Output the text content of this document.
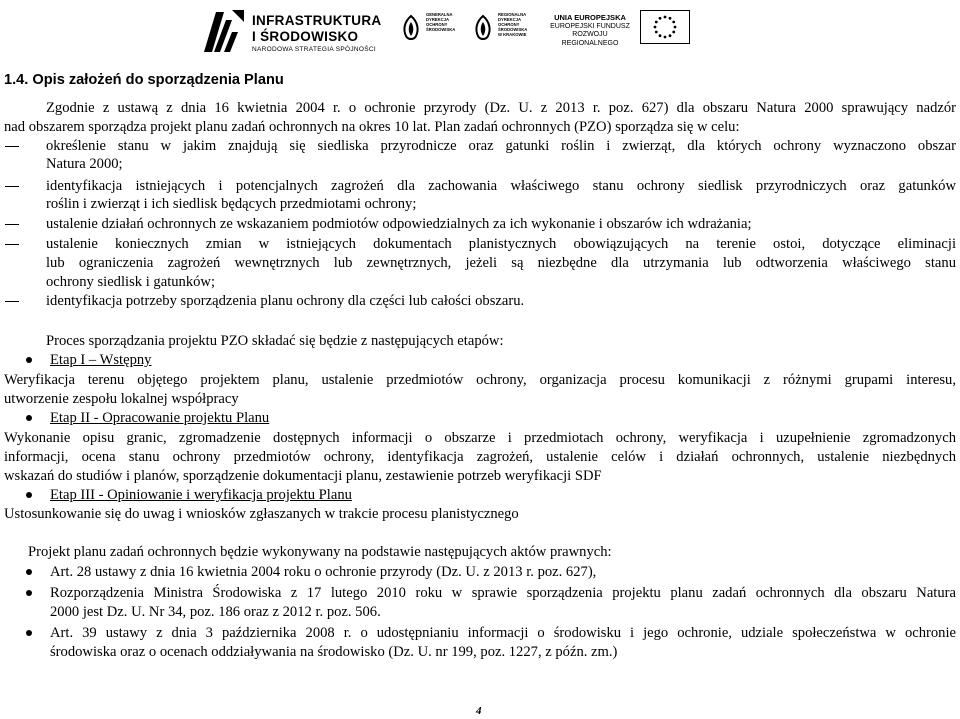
INFRASTRUKTURA
I ŚRODOWISKO
NARODOWA STRATEGIA SPÓJNOŚCI
GENERALNA DYREKCJA OCHRONY ŚRODOWISKA
REGIONALNA DYREKCJA OCHRONY ŚRODOWISKA W KRAKOWIE
UNIA EUROPEJSKA
EUROPEJSKI FUNDUSZ
ROZWOJU REGIONALNEGO
1.4. Opis założeń do sporządzenia Planu
Zgodnie z ustawą z dnia 16 kwietnia 2004 r. o ochronie przyrody (Dz. U. z 2013 r. poz. 627) dla obszaru Natura 2000 sprawujący nadzór
nad obszarem sporządza projekt planu zadań ochronnych na okres 10 lat. Plan zadań ochronnych (PZO) sporządza się w celu:
określenie stanu w jakim znajdują się siedliska przyrodnicze oraz gatunki roślin i zwierząt, dla których ochrony wyznaczono obszar
Natura 2000;
identyfikacja istniejących i potencjalnych zagrożeń dla zachowania właściwego stanu ochrony siedlisk przyrodniczych oraz gatunków
roślin i zwierząt i ich siedlisk będących przedmiotami ochrony;
ustalenie działań ochronnych ze wskazaniem podmiotów odpowiedzialnych za ich wykonanie i obszarów ich wdrażania;
ustalenie koniecznych zmian w istniejących dokumentach planistycznych obowiązujących na terenie ostoi, dotyczące eliminacji
lub ograniczenia zagrożeń wewnętrznych lub zewnętrznych, jeżeli są niezbędne dla utrzymania lub odtworzenia właściwego stanu
ochrony siedlisk i gatunków;
identyfikacja potrzeby sporządzenia planu ochrony dla części lub całości obszaru.
Proces sporządzania projektu PZO składać się będzie z następujących etapów:
Etap I – Wstępny
Weryfikacja terenu objętego projektem planu, ustalenie przedmiotów ochrony, organizacja procesu komunikacji z różnymi grupami interesu,
utworzenie zespołu lokalnej współpracy
Etap II - Opracowanie projektu Planu
Wykonanie opisu granic, zgromadzenie dostępnych informacji o obszarze i przedmiotach ochrony, weryfikacja i uzupełnienie zgromadzonych
informacji, ocena stanu ochrony przedmiotów ochrony, identyfikacja zagrożeń, ustalenie celów i działań ochronnych, ustalenie niezbędnych
wskazań do studiów i planów, sporządzenie dokumentacji planu, zestawienie potrzeb weryfikacji SDF
Etap III - Opiniowanie i weryfikacja projektu Planu
Ustosunkowanie się do uwag i wniosków zgłaszanych w trakcie procesu planistycznego
Projekt planu zadań ochronnych będzie wykonywany na podstawie następujących aktów prawnych:
Art. 28 ustawy z dnia 16 kwietnia 2004 roku o ochronie przyrody (Dz. U. z 2013 r. poz. 627),
Rozporządzenia Ministra Środowiska z 17 lutego 2010 roku w sprawie sporządzenia projektu planu zadań ochronnych dla obszaru Natura
2000 jest Dz. U. Nr 34, poz. 186 oraz z 2012 r. poz. 506.
Art. 39 ustawy z dnia 3 października 2008 r. o udostępnianiu informacji o środowisku i jego ochronie, udziale społeczeństwa w ochronie
środowiska oraz o ocenach oddziaływania na środowisko (Dz. U. nr 199, poz. 1227, z późn. zm.)
4
